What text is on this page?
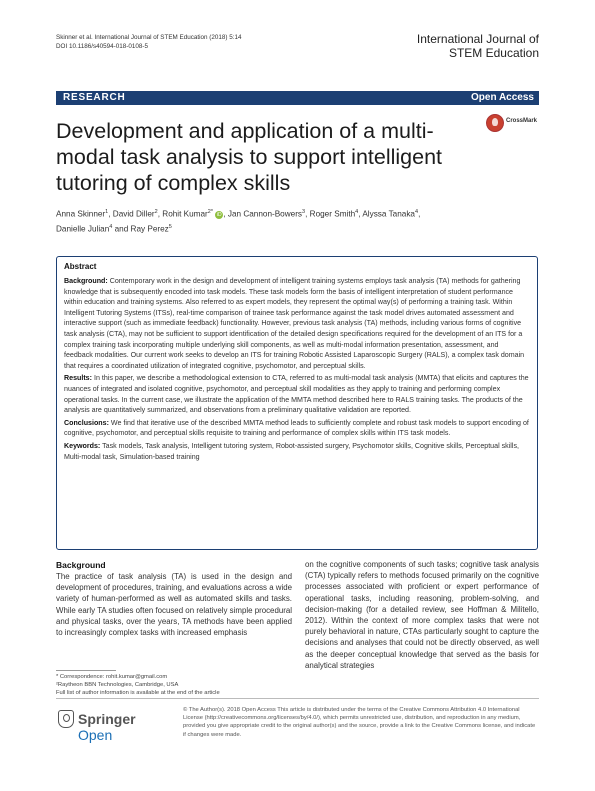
Skinner et al. International Journal of STEM Education (2018) 5:14
DOI 10.1186/s40594-018-0108-5
International Journal of
STEM Education
RESEARCH	Open Access
Development and application of a multi-modal task analysis to support intelligent tutoring of complex skills
CrossMark
Anna Skinner$^1$, David Diller$^2$, Rohit Kumar$^{2*}$ iD , Jan Cannon-Bowers$^3$, Roger Smith$^4$, Alyssa Tanaka$^4$,
Danielle Julian$^4$ and Ray Perez$^5$
Abstract

Background: Contemporary work in the design and development of intelligent training systems employs task analysis (TA) methods for gathering knowledge that is subsequently encoded into task models. These task models form the basis of intelligent interpretation of student performance within education and training systems. Also referred to as expert models, they represent the optimal way(s) of performing a training task. Within Intelligent Tutoring Systems (ITSs), real-time comparison of trainee task performance against the task model drives automated assessment and interactive support (such as immediate feedback) functionality. However, previous task analysis (TA) methods, including various forms of cognitive task analysis (CTA), may not be sufficient to support identification of the detailed design specifications required for the development of an ITS for a complex training task incorporating multiple underlying skill components, as well as multi-modal information presentation, assessment, and feedback modalities. Our current work seeks to develop an ITS for training Robotic Assisted Laparoscopic Surgery (RALS), a complex task domain that requires a coordinated utilization of integrated cognitive, psychomotor, and perceptual skills.

Results: In this paper, we describe a methodological extension to CTA, referred to as multi-modal task analysis (MMTA) that elicits and captures the nuances of integrated and isolated cognitive, psychomotor, and perceptual skill modalities as they apply to training and performing complex operational tasks. In the current case, we illustrate the application of the MMTA method described here to RALS training tasks. The products of the analysis are quantitatively summarized, and observations from a preliminary qualitative validation are reported.

Conclusions: We find that iterative use of the described MMTA method leads to sufficiently complete and robust task models to support encoding of cognitive, psychomotor, and perceptual skills requisite to training and performance of complex skills within ITS task models.

Keywords: Task models, Task analysis, Intelligent tutoring system, Robot-assisted surgery, Psychomotor skills, Cognitive skills, Perceptual skills, Multi-modal task, Simulation-based training

Background
The practice of task analysis (TA) is used in the design and development of procedures, training, and evaluations across a wide variety of human-performed as well as automated skills and tasks. While early TA studies often focused on relatively simple procedural and physical tasks, over the years, TA methods have been applied to increasingly complex tasks with increased emphasis
on the cognitive components of such tasks; cognitive task analysis (CTA) typically refers to methods focused primarily on the cognitive processes associated with proficient or expert performance of operational tasks, including reasoning, problem-solving, and decision-making (for a detailed review, see Hoffman & Militello, 2012). Within the context of more complex tasks that were not purely behavioral in nature, CTAs particularly sought to capture the decisions and analyses that could not be directly observed, as well as the deeper conceptual knowledge that served as the basis for analytical strategies
* Correspondence: rohit.kumar@gmail.com
²Raytheon BBN Technologies, Cambridge, USA
Full list of author information is available at the end of the article
Springer Open
© The Author(s). 2018 Open Access This article is distributed under the terms of the Creative Commons Attribution 4.0 International License (http://creativecommons.org/licenses/by/4.0/), which permits unrestricted use, distribution, and reproduction in any medium, provided you give appropriate credit to the original author(s) and the source, provide a link to the Creative Commons license, and indicate if changes were made.
